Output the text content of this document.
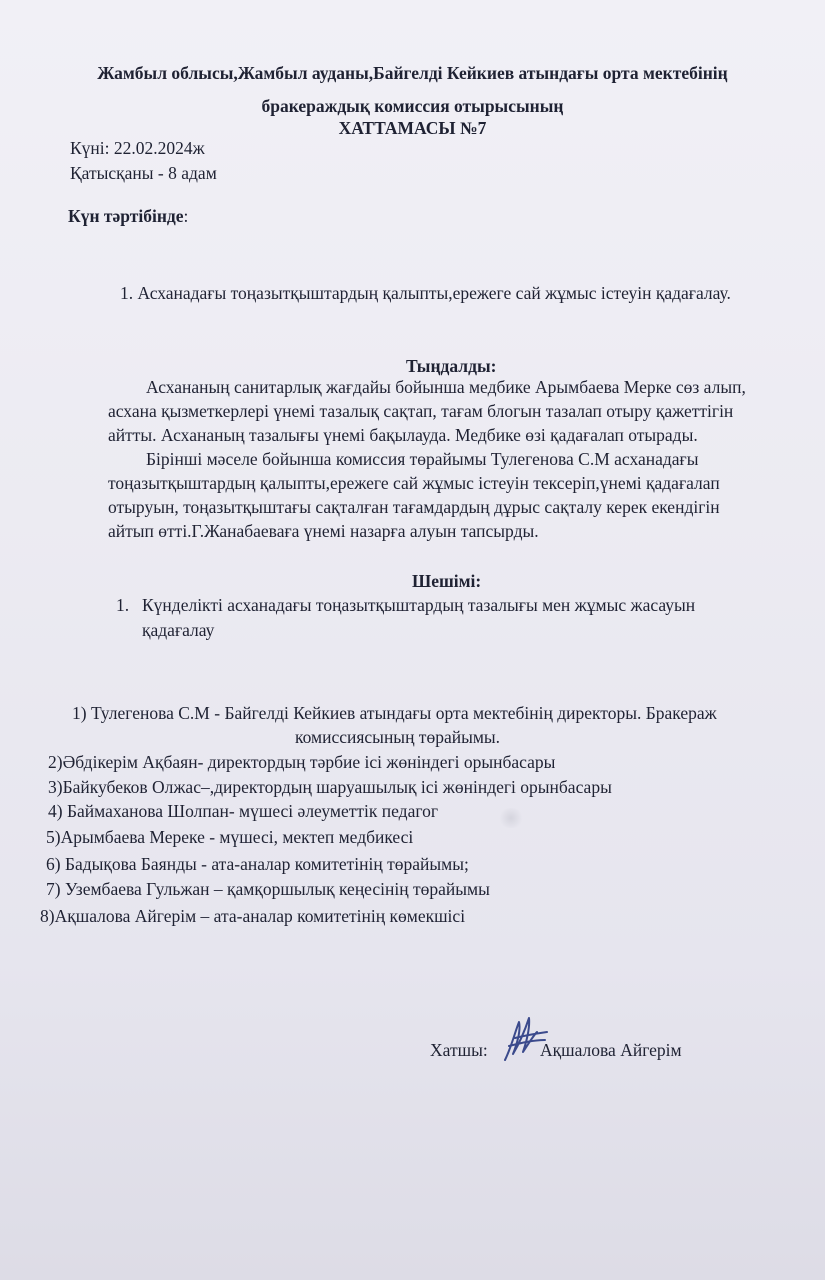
Жамбыл облысы,Жамбыл ауданы,Байгелді Кейкиев атындағы орта мектебінің
бракераждық комиссия отырысының
ХАТТАМАСЫ №7
Күні: 22.02.2024ж
Қатысқаны - 8 адам
Күн тәртібінде:
1. Асханадағы тоңазытқыштардың қалыпты,ережеге сай жұмыс істеуін қадағалау.
Тыңдалды:
Асхананың санитарлық жағдайы бойынша медбике Арымбаева Мерке сөз алып,
асхана қызметкерлері үнемі тазалық сақтап, тағам блогын тазалап отыру қажеттігін
айтты. Асхананың тазалығы үнемі бақылауда. Медбике өзі қадағалап отырады.
Бірінші мәселе бойынша комиссия төрайымы Тулегенова С.М асханадағы
тоңазытқыштардың қалыпты,ережеге сай жұмыс істеуін тексеріп,үнемі қадағалап
отыруын, тоңазытқыштағы сақталған тағамдардың дұрыс сақталу керек екендігін
айтып өтті.Г.Жанабаеваға үнемі назарға алуын тапсырды.
Шешімі:
1. Күнделікті асханадағы тоңазытқыштардың тазалығы мен жұмыс жасауын
қадағалау
1) Тулегенова С.М - Байгелді Кейкиев атындағы орта мектебінің директоры. Бракераж
комиссиясының төрайымы.
2)Әбдікерім Ақбаян- директордың тәрбие ісі жөніндегі орынбасары
3)Байкубеков Олжас–,директордың шаруашылық ісі жөніндегі орынбасары
4) Баймаханова Шолпан- мүшесі әлеуметтік педагог
5)Арымбаева Мереке - мүшесі, мектеп медбикесі
6) Бадықова Баянды - ата-аналар комитетінің төрайымы;
7) Узембаева Гульжан – қамқоршылық кеңесінің төрайымы
8)Ақшалова Айгерім – ата-аналар комитетінің көмекшісі
Хатшы:	Ақшалова Айгерім
